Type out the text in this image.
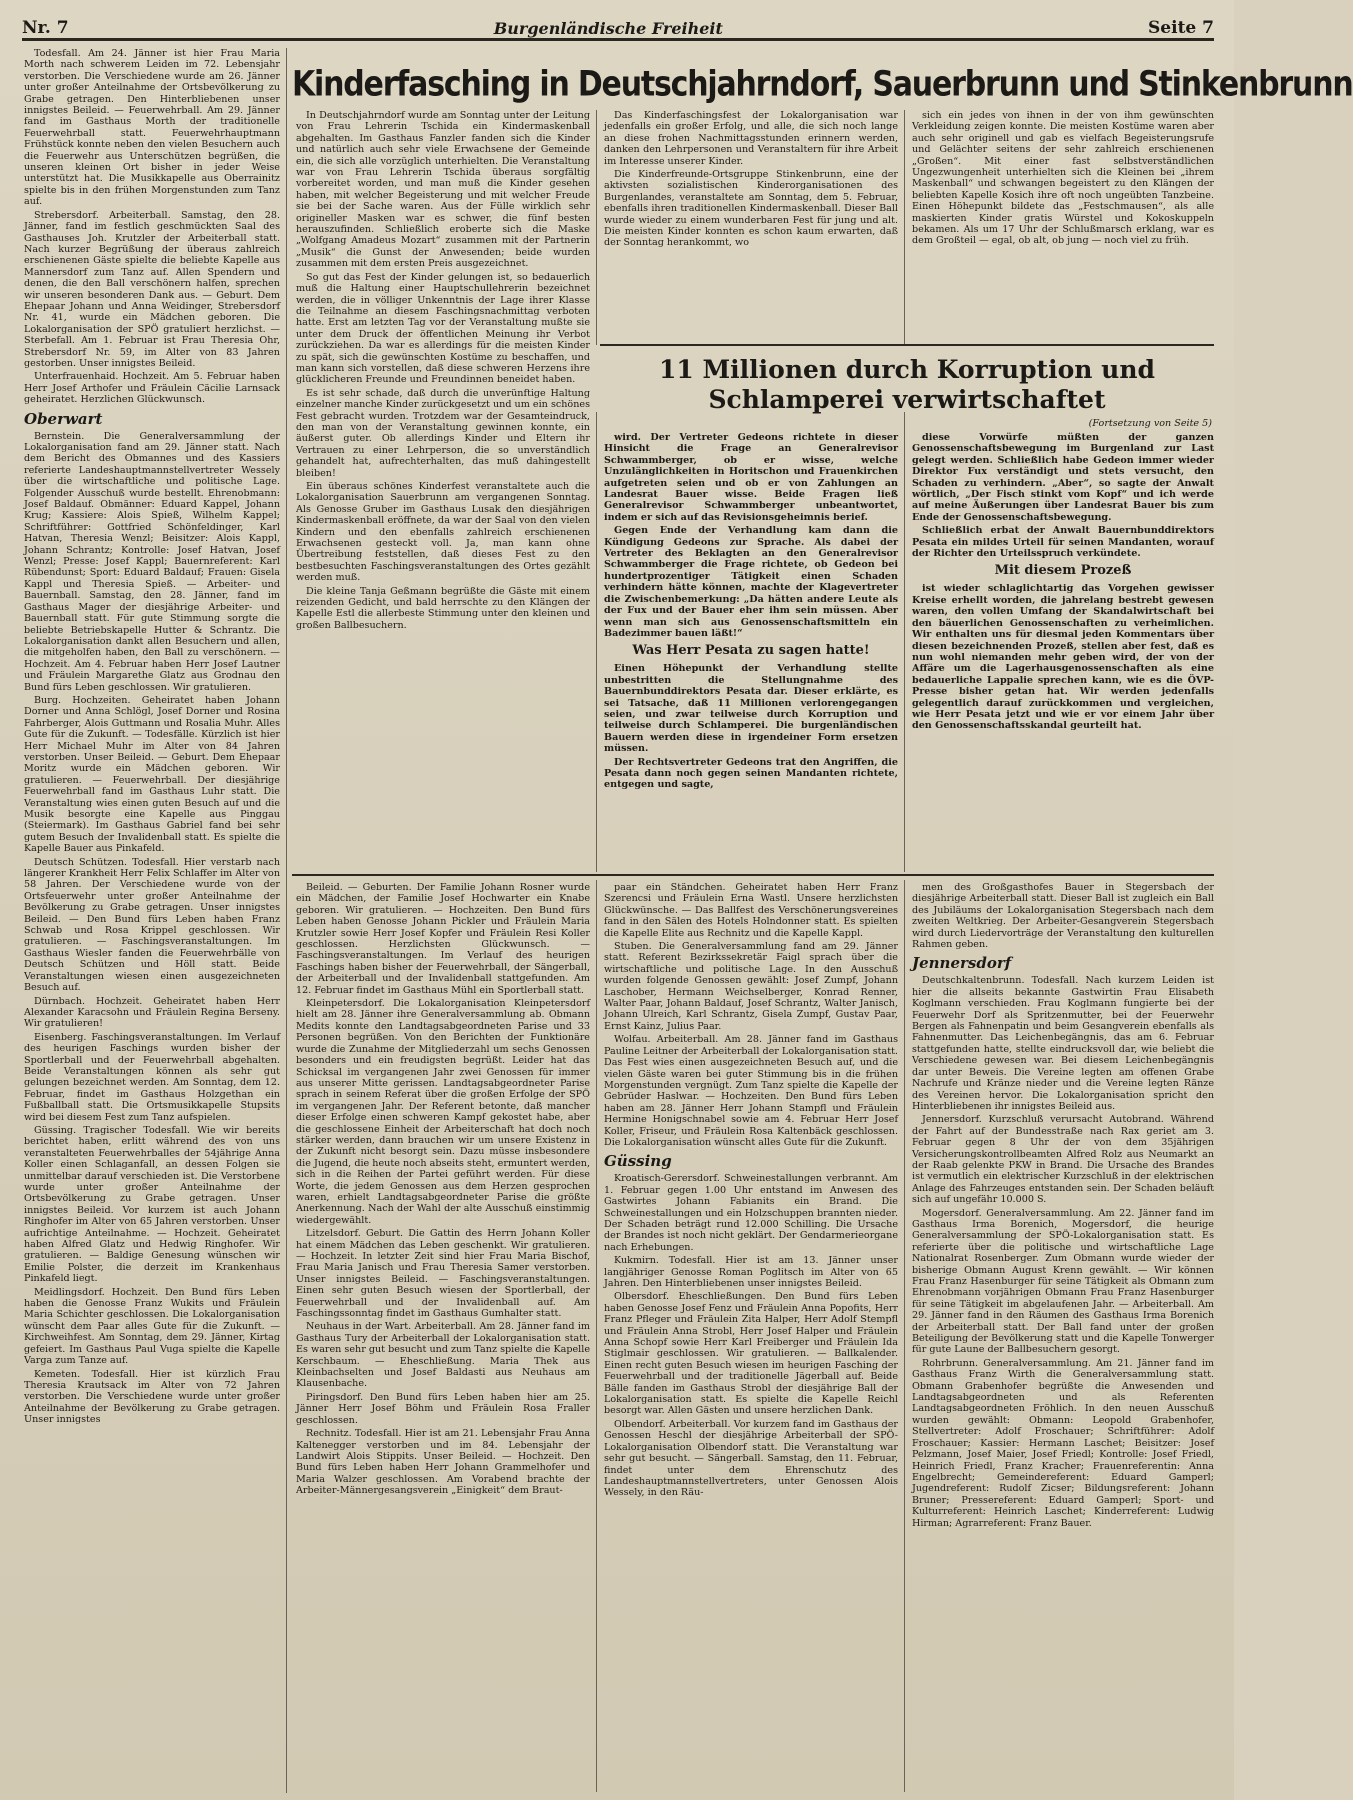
Nr. 7	Burgenländische Freiheit	Seite 7

Todesfall. Am 24. Jänner ist hier Frau Maria Morth nach schwerem Leiden im 72. Lebensjahr verstorben. Die Verschiedene wurde am 26. Jänner unter großer Anteilnahme der Ortsbevölkerung zu Grabe getragen. Den Hinterbliebenen unser innigstes Beileid. — Feuerwehrball. Am 29. Jänner fand im Gasthaus Morth der traditionelle Feuerwehrball statt. Feuerwehrhauptmann Frühstück konnte neben den vielen Besuchern auch die Feuerwehr aus Unterschützen begrüßen, die unseren kleinen Ort bisher in jeder Weise unterstützt hat. Die Musikkapelle aus Oberrainitz spielte bis in den frühen Morgenstunden zum Tanz auf.

Strebersdorf. Arbeiterball. Samstag, den 28. Jänner, fand im festlich geschmückten Saal des Gasthauses Joh. Krutzler der Arbeiterball statt. Nach kurzer Begrüßung der überaus zahlreich erschienenen Gäste spielte die beliebte Kapelle aus Mannersdorf zum Tanz auf. Allen Spendern und denen, die den Ball verschönern halfen, sprechen wir unseren besonderen Dank aus. — Geburt. Dem Ehepaar Johann und Anna Weidinger, Strebersdorf Nr. 41, wurde ein Mädchen geboren. Die Lokalorganisation der SPÖ gratuliert herzlichst. — Sterbefall. Am 1. Februar ist Frau Theresia Ohr, Strebersdorf Nr. 59, im Alter von 83 Jahren gestorben. Unser innigstes Beileid.

Unterfrauenhaid. Hochzeit. Am 5. Februar haben Herr Josef Arthofer und Fräulein Cäcilie Larnsack geheiratet. Herzlichen Glückwunsch.

Oberwart

Bernstein. Die Generalversammlung der Lokalorganisation fand am 29. Jänner statt. Nach dem Bericht des Obmannes und des Kassiers referierte Landeshauptmannstellvertreter Wessely über die wirtschaftliche und politische Lage. Folgender Ausschuß wurde bestellt. Ehrenobmann: Josef Baldauf. Obmänner: Eduard Kappel, Johann Krug; Kassiere: Alois Spieß, Wilhelm Kappel; Schriftführer: Gottfried Schönfeldinger, Karl Hatvan, Theresia Wenzl; Beisitzer: Alois Kappl, Johann Schrantz; Kontrolle: Josef Hatvan, Josef Wenzl; Presse: Josef Kappl; Bauernreferent: Karl Rübendunst; Sport: Eduard Baldauf; Frauen: Gisela Kappl und Theresia Spieß. — Arbeiter- und Bauernball. Samstag, den 28. Jänner, fand im Gasthaus Mager der diesjährige Arbeiter- und Bauernball statt. Für gute Stimmung sorgte die beliebte Betriebskapelle Hutter & Schrantz. Die Lokalorganisation dankt allen Besuchern und allen, die mitgeholfen haben, den Ball zu verschönern. — Hochzeit. Am 4. Februar haben Herr Josef Lautner und Fräulein Margarethe Glatz aus Grodnau den Bund fürs Leben geschlossen. Wir gratulieren.

Burg. Hochzeiten. Geheiratet haben Johann Dorner und Anna Schlögl, Josef Dorner und Rosina Fahrberger, Alois Guttmann und Rosalia Muhr. Alles Gute für die Zukunft. — Todesfälle. Kürzlich ist hier Herr Michael Muhr im Alter von 84 Jahren verstorben. Unser Beileid. — Geburt. Dem Ehepaar Moritz wurde ein Mädchen geboren. Wir gratulieren. — Feuerwehrball. Der diesjährige Feuerwehrball fand im Gasthaus Luhr statt. Die Veranstaltung wies einen guten Besuch auf und die Musik besorgte eine Kapelle aus Pinggau (Steiermark). Im Gasthaus Gabriel fand bei sehr gutem Besuch der Invalidenball statt. Es spielte die Kapelle Bauer aus Pinkafeld.

Deutsch Schützen. Todesfall. Hier verstarb nach längerer Krankheit Herr Felix Schlaffer im Alter von 58 Jahren. Der Verschiedene wurde von der Ortsfeuerwehr unter großer Anteilnahme der Bevölkerung zu Grabe getragen. Unser innigstes Beileid. — Den Bund fürs Leben haben Franz Schwab und Rosa Krippel geschlossen. Wir gratulieren. — Faschingsveranstaltungen. Im Gasthaus Wiesler fanden die Feuerwehrbälle von Deutsch Schützen und Höll statt. Beide Veranstaltungen wiesen einen ausgezeichneten Besuch auf.

Dürnbach. Hochzeit. Geheiratet haben Herr Alexander Karacsohn und Fräulein Regina Berseny. Wir gratulieren!

Eisenberg. Faschingsveranstaltungen. Im Verlauf des heurigen Faschings wurden bisher der Sportlerball und der Feuerwehrball abgehalten. Beide Veranstaltungen können als sehr gut gelungen bezeichnet werden. Am Sonntag, dem 12. Februar, findet im Gasthaus Holzgethan ein Fußballball statt. Die Ortsmusikkapelle Stupsits wird bei diesem Fest zum Tanz aufspielen.

Güssing. Tragischer Todesfall. Wie wir bereits berichtet haben, erlitt während des von uns veranstalteten Feuerwehrballes der 54jährige Anna Koller einen Schlaganfall, an dessen Folgen sie unmittelbar darauf verschieden ist. Die Verstorbene wurde unter großer Anteilnahme der Ortsbevölkerung zu Grabe getragen. Unser innigstes Beileid. Vor kurzem ist auch Johann Ringhofer im Alter von 65 Jahren verstorben. Unser aufrichtige Anteilnahme. — Hochzeit. Geheiratet haben Alfred Glatz und Hedwig Ringhofer. Wir gratulieren. — Baldige Genesung wünschen wir Emilie Polster, die derzeit im Krankenhaus Pinkafeld liegt.

Meidlingsdorf. Hochzeit. Den Bund fürs Leben haben die Genosse Franz Wukits und Fräulein Maria Schichter geschlossen. Die Lokalorganisation wünscht dem Paar alles Gute für die Zukunft. — Kirchweihfest. Am Sonntag, dem 29. Jänner, Kirtag gefeiert. Im Gasthaus Paul Vuga spielte die Kapelle Varga zum Tanze auf.

Kemeten. Todesfall. Hier ist kürzlich Frau Theresia Krautsack im Alter von 72 Jahren verstorben. Die Verschiedene wurde unter großer Anteilnahme der Bevölkerung zu Grabe getragen. Unser innigstes

Kinderfasching in Deutschjahrndorf, Sauerbrunn und Stinkenbrunn

In Deutschjahrndorf wurde am Sonntag unter der Leitung von Frau Lehrerin Tschida ein Kindermaskenball abgehalten. Im Gasthaus Fanzler fanden sich die Kinder und natürlich auch sehr viele Erwachsene der Gemeinde ein, die sich alle vorzüglich unterhielten. Die Veranstaltung war von Frau Lehrerin Tschida überaus sorgfältig vorbereitet worden, und man muß die Kinder gesehen haben, mit welcher Begeisterung und mit welcher Freude sie bei der Sache waren. Aus der Fülle wirklich sehr origineller Masken war es schwer, die fünf besten herauszufinden. Schließlich eroberte sich die Maske „Wolfgang Amadeus Mozart“ zusammen mit der Partnerin „Musik“ die Gunst der Anwesenden; beide wurden zusammen mit dem ersten Preis ausgezeichnet.

So gut das Fest der Kinder gelungen ist, so bedauerlich muß die Haltung einer Hauptschullehrerin bezeichnet werden, die in völliger Unkenntnis der Lage ihrer Klasse die Teilnahme an diesem Faschingsnachmittag verboten hatte. Erst am letzten Tag vor der Veranstaltung mußte sie unter dem Druck der öffentlichen Meinung ihr Verbot zurückziehen. Da war es allerdings für die meisten Kinder zu spät, sich die gewünschten Kostüme zu beschaffen, und man kann sich vorstellen, daß diese schweren Herzens ihre glücklicheren Freunde und Freundinnen beneidet haben.

Es ist sehr schade, daß durch die unverünftige Haltung einzelner manche Kinder zurückgesetzt und um ein schönes Fest gebracht wurden. Trotzdem war der Gesamteindruck, den man von der Veranstaltung gewinnen konnte, ein äußerst guter. Ob allerdings Kinder und Eltern ihr Vertrauen zu einer Lehrperson, die so unverständlich gehandelt hat, aufrechterhalten, das muß dahingestellt bleiben!

Ein überaus schönes Kinderfest veranstaltete auch die Lokalorganisation Sauerbrunn am vergangenen Sonntag. Als Genosse Gruber im Gasthaus Lusak den diesjährigen Kindermaskenball eröffnete, da war der Saal von den vielen Kindern und den ebenfalls zahlreich erschienenen Erwachsenen gesteckt voll. Ja, man kann ohne Übertreibung feststellen, daß dieses Fest zu den bestbesuchten Faschingsveranstaltungen des Ortes gezählt werden muß.

Die kleine Tanja Geßmann begrüßte die Gäste mit einem reizenden Gedicht, und bald herrschte zu den Klängen der Kapelle Estl die allerbeste Stimmung unter den kleinen und großen Ballbesuchern.

Das Kinderfaschingsfest der Lokalorganisation war jedenfalls ein großer Erfolg, und alle, die sich noch lange an diese frohen Nachmittagsstunden erinnern werden, danken den Lehrpersonen und Veranstaltern für ihre Arbeit im Interesse unserer Kinder.

Die Kinderfreunde-Ortsgruppe Stinkenbrunn, eine der aktivsten sozialistischen Kinderorganisationen des Burgenlandes, veranstaltete am Sonntag, dem 5. Februar, ebenfalls ihren traditionellen Kindermaskenball. Dieser Ball wurde wieder zu einem wunderbaren Fest für jung und alt. Die meisten Kinder konnten es schon kaum erwarten, daß der Sonntag herankommt, wo

sich ein jedes von ihnen in der von ihm gewünschten Verkleidung zeigen konnte. Die meisten Kostüme waren aber auch sehr originell und gab es vielfach Begeisterungsrufe und Gelächter seitens der sehr zahlreich erschienenen „Großen“. Mit einer fast selbstverständlichen Ungezwungenheit unterhielten sich die Kleinen bei „ihrem Maskenball“ und schwangen begeistert zu den Klängen der beliebten Kapelle Kosich ihre oft noch ungeübten Tanzbeine. Einen Höhepunkt bildete das „Festschmausen“, als alle maskierten Kinder gratis Würstel und Kokoskuppeln bekamen. Als um 17 Uhr der Schlußmarsch erklang, war es dem Großteil — egal, ob alt, ob jung — noch viel zu früh.

11 Millionen durch Korruption und Schlamperei verwirtschaftet
(Fortsetzung von Seite 5)

wird. Der Vertreter Gedeons richtete in dieser Hinsicht die Frage an Generalrevisor Schwammberger, ob er wisse, welche Unzulänglichkeiten in Horitschon und Frauenkirchen aufgetreten seien und ob er von Zahlungen an Landesrat Bauer wisse. Beide Fragen ließ Generalrevisor Schwammberger unbeantwortet, indem er sich auf das Revisionsgeheimnis berief.

Gegen Ende der Verhandlung kam dann die Kündigung Gedeons zur Sprache. Als dabei der Vertreter des Beklagten an den Generalrevisor Schwammberger die Frage richtete, ob Gedeon bei hundertprozentiger Tätigkeit einen Schaden verhindern hätte können, machte der Klagevertreter die Zwischenbemerkung: „Da hätten andere Leute als der Fux und der Bauer eher ihm sein müssen. Aber wenn man sich aus Genossenschaftsmitteln ein Badezimmer bauen läßt!“

Was Herr Pesata zu sagen hatte!

Einen Höhepunkt der Verhandlung stellte unbestritten die Stellungnahme des Bauernbunddirektors Pesata dar. Dieser erklärte, es sei Tatsache, daß 11 Millionen verlorengegangen seien, und zwar teilweise durch Korruption und teilweise durch Schlamperei. Die burgenländischen Bauern werden diese in irgendeiner Form ersetzen müssen.

Der Rechtsvertreter Gedeons trat den Angriffen, die Pesata dann noch gegen seinen Mandanten richtete, entgegen und sagte,

diese Vorwürfe müßten der ganzen Genossenschaftsbewegung im Burgenland zur Last gelegt werden. Schließlich habe Gedeon immer wieder Direktor Fux verständigt und stets versucht, den Schaden zu verhindern. „Aber“, so sagte der Anwalt wörtlich, „Der Fisch stinkt vom Kopf“ und ich werde auf meine Äußerungen über Landesrat Bauer bis zum Ende der Genossenschaftsbewegung.

Schließlich erbat der Anwalt Bauernbunddirektors Pesata ein mildes Urteil für seinen Mandanten, worauf der Richter den Urteilsspruch verkündete.

Mit diesem Prozeß

ist wieder schlaglichtartig das Vorgehen gewisser Kreise erhellt worden, die jahrelang bestrebt gewesen waren, den vollen Umfang der Skandalwirtschaft bei den bäuerlichen Genossenschaften zu verheimlichen. Wir enthalten uns für diesmal jeden Kommentars über diesen bezeichnenden Prozeß, stellen aber fest, daß es nun wohl niemanden mehr geben wird, der von der Affäre um die Lagerhausgenossenschaften als eine bedauerliche Lappalie sprechen kann, wie es die ÖVP-Presse bisher getan hat. Wir werden jedenfalls gelegentlich darauf zurückkommen und vergleichen, wie Herr Pesata jetzt und wie er vor einem Jahr über den Genossenschaftsskandal geurteilt hat.

Beileid. — Geburten. Der Familie Johann Rosner wurde ein Mädchen, der Familie Josef Hochwarter ein Knabe geboren. Wir gratulieren. — Hochzeiten. Den Bund fürs Leben haben Genosse Johann Pickler und Fräulein Maria Krutzler sowie Herr Josef Kopfer und Fräulein Resi Koller geschlossen. Herzlichsten Glückwunsch. — Faschingsveranstaltungen. Im Verlauf des heurigen Faschings haben bisher der Feuerwehrball, der Sängerball, der Arbeiterball und der Invalidenball stattgefunden. Am 12. Februar findet im Gasthaus Mühl ein Sportlerball statt.

Kleinpetersdorf. Die Lokalorganisation Kleinpetersdorf hielt am 28. Jänner ihre Generalversammlung ab. Obmann Medits konnte den Landtagsabgeordneten Parise und 33 Personen begrüßen. Von den Berichten der Funktionäre wurde die Zunahme der Mitgliederzahl um sechs Genossen besonders und ein freudigsten begrüßt. Leider hat das Schicksal im vergangenen Jahr zwei Genossen für immer aus unserer Mitte gerissen. Landtagsabgeordneter Parise sprach in seinem Referat über die großen Erfolge der SPÖ im vergangenen Jahr. Der Referent betonte, daß mancher dieser Erfolge einen schweren Kampf gekostet habe, aber die geschlossene Einheit der Arbeiterschaft hat doch noch stärker werden, dann brauchen wir um unsere Existenz in der Zukunft nicht besorgt sein. Dazu müsse insbesondere die Jugend, die heute noch abseits steht, ermuntert werden, sich in die Reihen der Partei geführt werden. Für diese Worte, die jedem Genossen aus dem Herzen gesprochen waren, erhielt Landtagsabgeordneter Parise die größte Anerkennung. Nach der Wahl der alte Ausschuß einstimmig wiedergewählt.

Litzelsdorf. Geburt. Die Gattin des Herrn Johann Koller hat einem Mädchen das Leben geschenkt. Wir gratulieren. — Hochzeit. In letzter Zeit sind hier Frau Maria Bischof, Frau Maria Janisch und Frau Theresia Samer verstorben. Unser innigstes Beileid. — Faschingsveranstaltungen. Einen sehr guten Besuch wiesen der Sportlerball, der Feuerwehrball und der Invalidenball auf. Am Faschingssonntag findet im Gasthaus Gumhalter statt.

Neuhaus in der Wart. Arbeiterball. Am 28. Jänner fand im Gasthaus Tury der Arbeiterball der Lokalorganisation statt. Es waren sehr gut besucht und zum Tanz spielte die Kapelle Kerschbaum. — Eheschließung. Maria Thek aus Kleinbachselten und Josef Baldasti aus Neuhaus am Klausenbache.

Piringsdorf. Den Bund fürs Leben haben hier am 25. Jänner Herr Josef Böhm und Fräulein Rosa Fraller geschlossen.

Rechnitz. Todesfall. Hier ist am 21. Lebensjahr Frau Anna Kaltenegger verstorben und im 84. Lebensjahr der Landwirt Alois Stippits. Unser Beileid. — Hochzeit. Den Bund fürs Leben haben Herr Johann Grammelhofer und Maria Walzer geschlossen. Am Vorabend brachte der Arbeiter-Männergesangsverein „Einigkeit“ dem Braut-

paar ein Ständchen. Geheiratet haben Herr Franz Szerencsi und Fräulein Erna Wastl. Unsere herzlichsten Glückwünsche. — Das Ballfest des Verschönerungsvereines fand in den Sälen des Hotels Holndonner statt. Es spielten die Kapelle Elite aus Rechnitz und die Kapelle Kappl.

Stuben. Die Generalversammlung fand am 29. Jänner statt. Referent Bezirkssekretär Faigl sprach über die wirtschaftliche und politische Lage. In den Ausschuß wurden folgende Genossen gewählt: Josef Zumpf, Johann Laschober, Hermann Weichselberger, Konrad Renner, Walter Paar, Johann Baldauf, Josef Schrantz, Walter Janisch, Johann Ulreich, Karl Schrantz, Gisela Zumpf, Gustav Paar, Ernst Kainz, Julius Paar.

Wolfau. Arbeiterball. Am 28. Jänner fand im Gasthaus Pauline Leitner der Arbeiterball der Lokalorganisation statt. Das Fest wies einen ausgezeichneten Besuch auf, und die vielen Gäste waren bei guter Stimmung bis in die frühen Morgenstunden vergnügt. Zum Tanz spielte die Kapelle der Gebrüder Haslwar. — Hochzeiten. Den Bund fürs Leben haben am 28. Jänner Herr Johann Stampfl und Fräulein Hermine Honigschnabel sowie am 4. Februar Herr Josef Koller, Friseur, und Fräulein Rosa Kaltenbäck geschlossen. Die Lokalorganisation wünscht alles Gute für die Zukunft.

Güssing

Kroatisch-Gerersdorf. Schweinestallungen verbrannt. Am 1. Februar gegen 1.00 Uhr entstand im Anwesen des Gastwirtes Johann Fabianits ein Brand. Die Schweinestallungen und ein Holzschuppen brannten nieder. Der Schaden beträgt rund 12.000 Schilling. Die Ursache der Brandes ist noch nicht geklärt. Der Gendarmerieorgane nach Erhebungen.

Kukmirn. Todesfall. Hier ist am 13. Jänner unser langjähriger Genosse Roman Poglitsch im Alter von 65 Jahren. Den Hinterbliebenen unser innigstes Beileid.

Olbersdorf. Eheschließungen. Den Bund fürs Leben haben Genosse Josef Fenz und Fräulein Anna Popofits, Herr Franz Pfleger und Fräulein Zita Halper, Herr Adolf Stempfl und Fräulein Anna Strobl, Herr Josef Halper und Fräulein Anna Schopf sowie Herr Karl Freiberger und Fräulein Ida Stiglmair geschlossen. Wir gratulieren. — Ballkalender. Einen recht guten Besuch wiesen im heurigen Fasching der Feuerwehrball und der traditionelle Jägerball auf. Beide Bälle fanden im Gasthaus Strobl der diesjährige Ball der Lokalorganisation statt. Es spielte die Kapelle Reichl besorgt war. Allen Gästen und unsere herzlichen Dank.

Olbendorf. Arbeiterball. Vor kurzem fand im Gasthaus der Genossen Heschl der diesjährige Arbeiterball der SPÖ-Lokalorganisation Olbendorf statt. Die Veranstaltung war sehr gut besucht. — Sängerball. Samstag, den 11. Februar, findet unter dem Ehrenschutz des Landeshauptmannstellvertreters, unter Genossen Alois Wessely, in den Räu-

men des Großgasthofes Bauer in Stegersbach der diesjährige Arbeiterball statt. Dieser Ball ist zugleich ein Ball des Jubiläums der Lokalorganisation Stegersbach nach dem zweiten Weltkrieg. Der Arbeiter-Gesangverein Stegersbach wird durch Liedervorträge der Veranstaltung den kulturellen Rahmen geben.

Jennersdorf

Deutschkaltenbrunn. Todesfall. Nach kurzem Leiden ist hier die allseits bekannte Gastwirtin Frau Elisabeth Koglmann verschieden. Frau Koglmann fungierte bei der Feuerwehr Dorf als Spritzenmutter, bei der Feuerwehr Bergen als Fahnenpatin und beim Gesangverein ebenfalls als Fahnenmutter. Das Leichenbegängnis, das am 6. Februar stattgefunden hatte, stellte eindrucksvoll dar, wie beliebt die Verschiedene gewesen war. Bei diesem Leichenbegängnis dar unter Beweis. Die Vereine legten am offenen Grabe Nachrufe und Kränze nieder und die Vereine legten Ränze des Vereinen hervor. Die Lokalorganisation spricht den Hinterbliebenen ihr innigstes Beileid aus.

Jennersdorf. Kurzschluß verursacht Autobrand. Während der Fahrt auf der Bundesstraße nach Rax geriet am 3. Februar gegen 8 Uhr der von dem 35jährigen Versicherungskontrollbeamten Alfred Rolz aus Neumarkt an der Raab gelenkte PKW in Brand. Die Ursache des Brandes ist vermutlich ein elektrischer Kurzschluß in der elektrischen Anlage des Fahrzeuges entstanden sein. Der Schaden beläuft sich auf ungefähr 10.000 S.

Mogersdorf. Generalversammlung. Am 22. Jänner fand im Gasthaus Irma Borenich, Mogersdorf, die heurige Generalversammlung der SPÖ-Lokalorganisation statt. Es referierte über die politische und wirtschaftliche Lage Nationalrat Rosenberger. Zum Obmann wurde wieder der bisherige Obmann August Krenn gewählt. — Wir können Frau Franz Hasenburger für seine Tätigkeit als Obmann zum Ehrenobmann vorjährigen Obmann Frau Franz Hasenburger für seine Tätigkeit im abgelaufenen Jahr. — Arbeiterball. Am 29. Jänner fand in den Räumen des Gasthaus Irma Borenich der Arbeiterball statt. Der Ball fand unter der großen Beteiligung der Bevölkerung statt und die Kapelle Tonwerger für gute Laune der Ballbesuchern gesorgt.

Rohrbrunn. Generalversammlung. Am 21. Jänner fand im Gasthaus Franz Wirth die Generalversammlung statt. Obmann Grabenhofer begrüßte die Anwesenden und Landtagsabgeordneten und als Referenten Landtagsabgeordneten Fröhlich. In den neuen Ausschuß wurden gewählt: Obmann: Leopold Grabenhofer, Stellvertreter: Adolf Froschauer; Schriftführer: Adolf Froschauer; Kassier: Hermann Laschet; Beisitzer: Josef Pelzmann, Josef Maier, Josef Friedl; Kontrolle: Josef Friedl, Heinrich Friedl, Franz Kracher; Frauenreferentin: Anna Engelbrecht; Gemeindereferent: Eduard Gamperl; Jugendreferent: Rudolf Zicser; Bildungsreferent: Johann Bruner; Pressereferent: Eduard Gamperl; Sport- und Kulturreferent: Heinrich Laschet; Kinderreferent: Ludwig Hirman; Agrarreferent: Franz Bauer.
